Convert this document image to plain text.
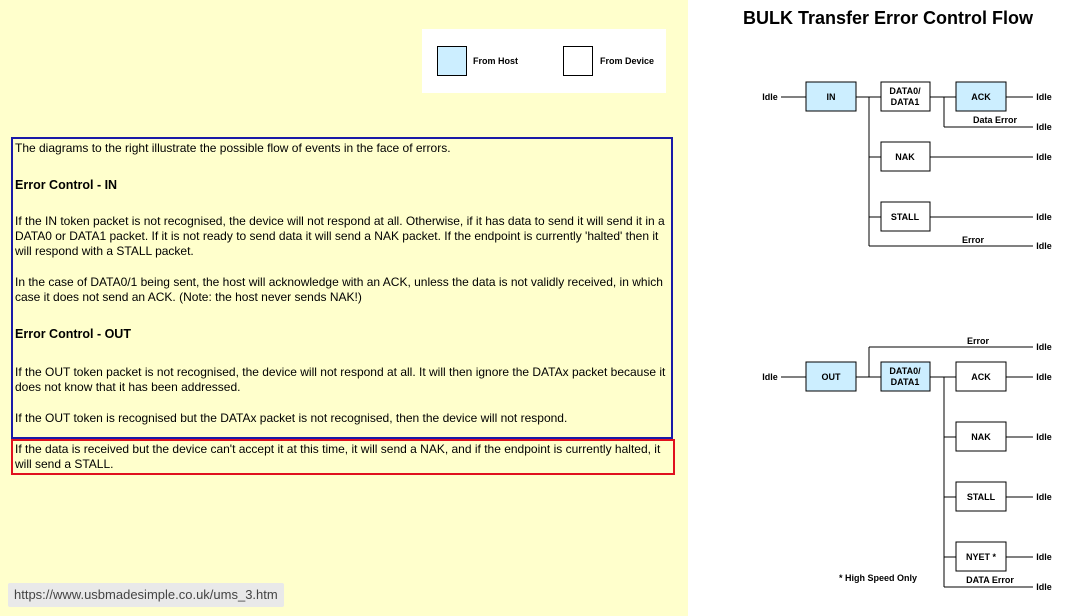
From Host	From Device

The diagrams to the right illustrate the possible flow of events in the face of errors.

Error Control - IN

If the IN token packet is not recognised, the device will not respond at all. Otherwise, if it has data to send it will send it in a DATA0 or DATA1 packet. If it is not ready to send data it will send a NAK packet. If the endpoint is currently 'halted' then it will respond with a STALL packet.

In the case of DATA0/1 being sent, the host will acknowledge with an ACK, unless the data is not validly received, in which case it does not send an ACK. (Note: the host never sends NAK!)

Error Control - OUT

If the OUT token packet is not recognised, the device will not respond at all. It will then ignore the DATAx packet because it does not know that it has been addressed.

If the OUT token is recognised but the DATAx packet is not recognised, then the device will not respond.

If the data is received but the device can't accept it at this time, it will send a NAK, and if the endpoint is currently halted, it will send a STALL.

https://www.usbmadesimple.co.uk/ums_3.htm
BULK Transfer Error Control Flow
Idle	IN
DATA0/
DATA1	ACK
NAK
STALL
Data Error
Error
Idle
Idle
Idle
Idle
Idle
Idle	OUT
DATA0/
DATA1	ACK
NAK
STALL
NYET *
Error
DATA Error
* High Speed Only
Idle
Idle
Idle
Idle
Idle
Idle
